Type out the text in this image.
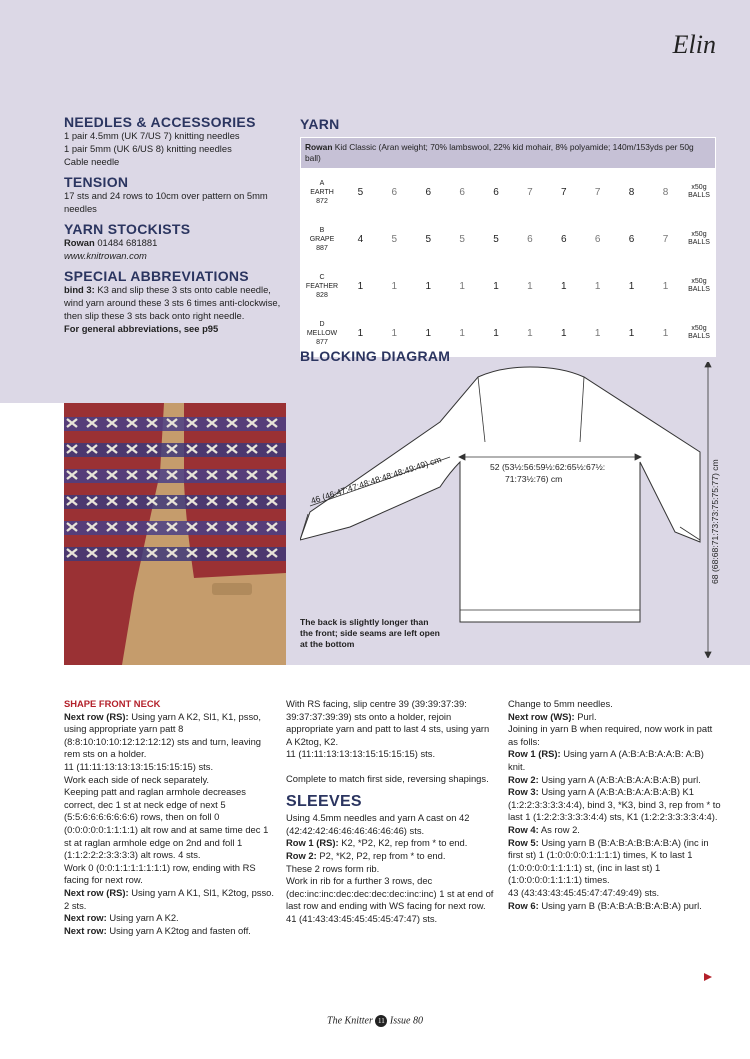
Elin
NEEDLES & ACCESSORIES

1 pair 4.5mm (UK 7/US 7) knitting needles

1 pair 5mm (UK 6/US 8) knitting needles

Cable needle

TENSION

17 sts and 24 rows to 10cm over pattern on 5mm needles

YARN STOCKISTS

Rowan 01484 681881

www.knitrowan.com

SPECIAL ABBREVIATIONS

bind 3: K3 and slip these 3 sts onto cable needle, wind yarn around these 3 sts 6 times anti-clockwise, then slip these 3 sts back onto right needle.

For general abbreviations, see p95

YARN
Rowan Kid Classic (Aran weight; 70% lambswool, 22% kid mohair, 8% polyamide; 140m/153yds per 50g ball)											

A
EARTH
872	5	6	6	6	6	7	7	7	8	8	x50g BALLS

B
GRAPE
887	4	5	5	5	5	6	6	6	6	7	x50g BALLS

C
FEATHER
828	1	1	1	1	1	1	1	1	1	1	x50g BALLS

D
MELLOW
877	1	1	1	1	1	1	1	1	1	1	x50g BALLS
BLOCKING DIAGRAM
46 (46:47:47:48:48:48:48:49:49) cm	52 (53½:56:59½:62:65½:67½:
71:73½:76) cm	68 (68:68:71:73:73:75:75:77) cm
The back is slightly longer than the front; side seams are left open at the bottom

SHAPE FRONT NECK

Next row (RS): Using yarn A K2, Sl1, K1, psso, using appropriate yarn patt 8 (8:8:10:10:10:12:12:12:12) sts and turn, leaving rem sts on a holder.

11 (11:11:13:13:13:15:15:15:15) sts.

Work each side of neck separately.

Keeping patt and raglan armhole decreases correct, dec 1 st at neck edge of next 5 (5:5:6:6:6:6:6:6:6) rows, then on foll 0 (0:0:0:0:0:1:1:1:1) alt row and at same time dec 1 st at raglan armhole edge on 2nd and foll 1 (1:1:2:2:2:3:3:3:3) alt rows. 4 sts.

Work 0 (0:0:1:1:1:1:1:1:1) row, ending with RS facing for next row.

Next row (RS): Using yarn A K1, Sl1, K2tog, psso. 2 sts.

Next row: Using yarn A K2.

Next row: Using yarn A K2tog and fasten off.

With RS facing, slip centre 39 (39:39:37:39: 39:37:37:39:39) sts onto a holder, rejoin appropriate yarn and patt to last 4 sts, using yarn A K2tog, K2.

11 (11:11:13:13:13:15:15:15:15) sts.

Complete to match first side, reversing shapings.

SLEEVES

Using 4.5mm needles and yarn A cast on 42 (42:42:42:46:46:46:46:46:46) sts.

Row 1 (RS): K2, *P2, K2, rep from * to end.

Row 2: P2, *K2, P2, rep from * to end.

These 2 rows form rib.

Work in rib for a further 3 rows, dec (dec:inc:inc:dec:dec:dec:dec:inc:inc) 1 st at end of last row and ending with WS facing for next row.

41 (41:43:43:45:45:45:45:47:47) sts.

Change to 5mm needles.

Next row (WS): Purl.

Joining in yarn B when required, now work in patt as folls:

Row 1 (RS): Using yarn A (A:B:A:B:A:A:B: A:B) knit.

Row 2: Using yarn A (A:B:A:B:A:A:B:A:B) purl.

Row 3: Using yarn A (A:B:A:B:A:A:B:A:B) K1 (1:2:2:3:3:3:3:4:4), bind 3, *K3, bind 3, rep from * to last 1 (1:2:2:3:3:3:3:4:4) sts, K1 (1:2:2:3:3:3:3:4:4).

Row 4: As row 2.

Row 5: Using yarn B (B:A:B:A:B:B:A:B:A) (inc in first st) 1 (1:0:0:0:0:1:1:1:1) times, K to last 1 (1:0:0:0:0:1:1:1:1) st, (inc in last st) 1 (1:0:0:0:0:1:1:1:1) times.

43 (43:43:43:45:45:47:47:49:49) sts.

Row 6: Using yarn B (B:A:B:A:B:B:A:B:A) purl.

The Knitter 11 Issue 80
